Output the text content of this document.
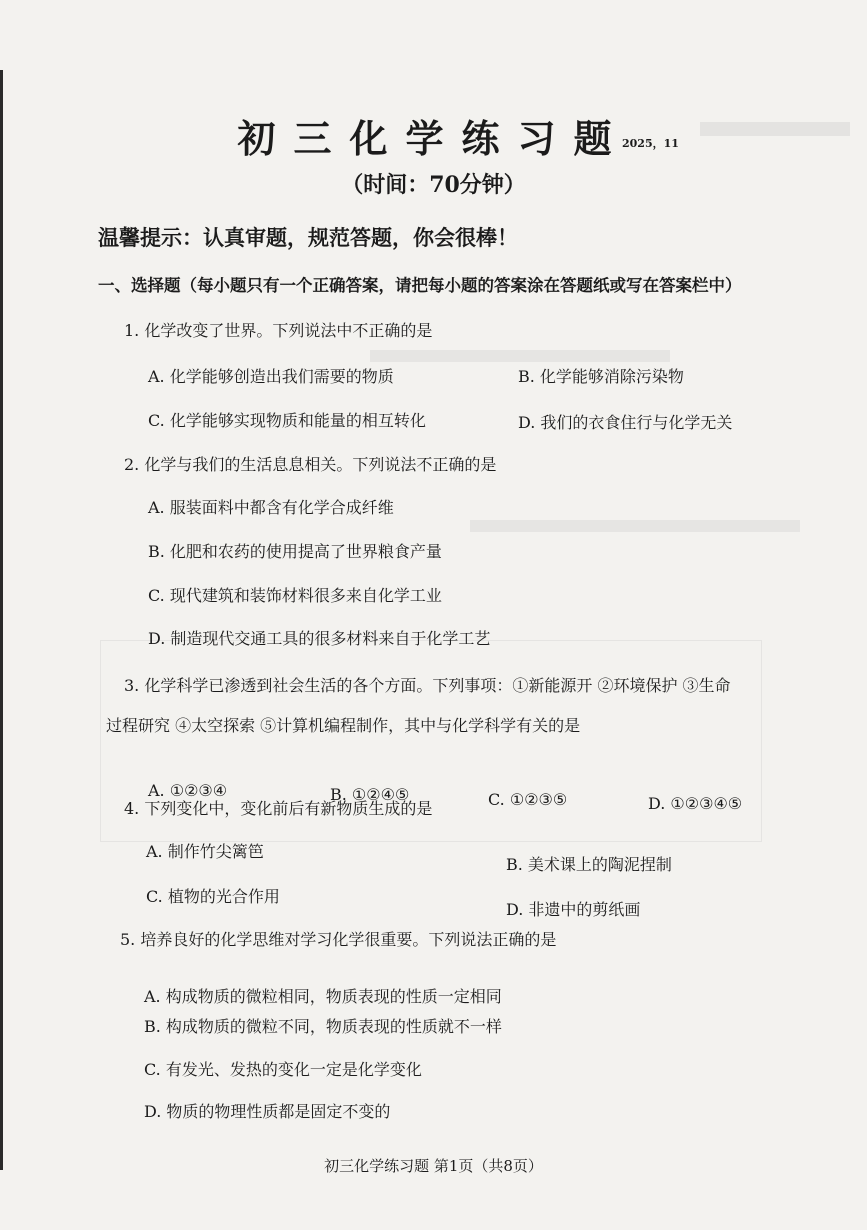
初三化学练习题
2025，11
（时间：70分钟）
温馨提示：认真审题，规范答题，你会很棒！
一、选择题（每小题只有一个正确答案，请把每小题的答案涂在答题纸或写在答案栏中）
1. 化学改变了世界。下列说法中不正确的是
A. 化学能够创造出我们需要的物质	B. 化学能够消除污染物
C. 化学能够实现物质和能量的相互转化	D. 我们的衣食住行与化学无关
2. 化学与我们的生活息息相关。下列说法不正确的是
A. 服装面料中都含有化学合成纤维
B. 化肥和农药的使用提高了世界粮食产量
C. 现代建筑和装饰材料很多来自化学工业
D. 制造现代交通工具的很多材料来自于化学工艺
3. 化学科学已渗透到社会生活的各个方面。下列事项：①新能源开 ②环境保护 ③生命
过程研究 ④太空探索 ⑤计算机编程制作，其中与化学科学有关的是
A. ①②③④	B. ①②④⑤	C. ①②③⑤	D. ①②③④⑤
4. 下列变化中，变化前后有新物质生成的是
A. 制作竹尖篱笆
B. 美术课上的陶泥捏制
C. 植物的光合作用
D. 非遗中的剪纸画
5. 培养良好的化学思维对学习化学很重要。下列说法正确的是
A. 构成物质的微粒相同，物质表现的性质一定相同
B. 构成物质的微粒不同，物质表现的性质就不一样
C. 有发光、发热的变化一定是化学变化
D. 物质的物理性质都是固定不变的
初三化学练习题 第1页（共8页）
